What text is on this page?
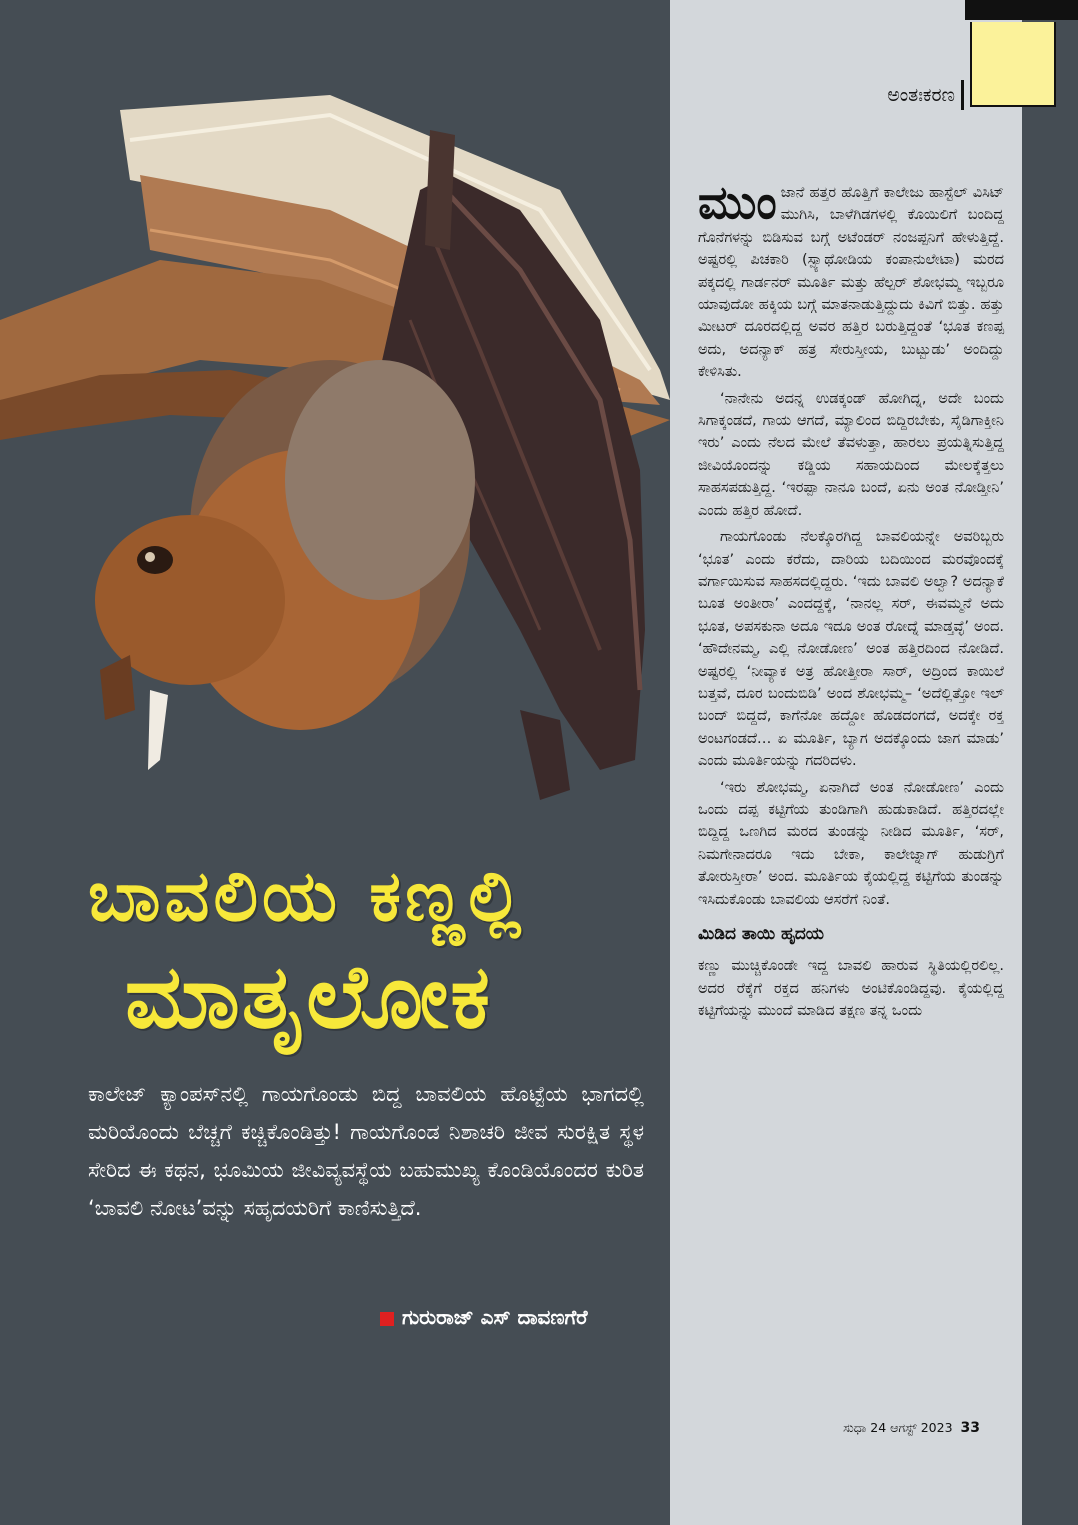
ಅಂತಃಕರಣ
ಬಾವಲಿಯ ಕಣ್ಣಲ್ಲಿ
ಮಾತೃಲೋಕ
ಕಾಲೇಜ್ ಕ್ಯಾಂಪಸ್‌ನಲ್ಲಿ ಗಾಯಗೊಂಡು ಬಿದ್ದ ಬಾವಲಿಯ ಹೊಟ್ಟೆಯ ಭಾಗದಲ್ಲಿ ಮರಿಯೊಂದು ಬೆಚ್ಚಗೆ ಕಚ್ಚಿಕೊಂಡಿತ್ತು! ಗಾಯಗೊಂಡ ನಿಶಾಚರಿ ಜೀವ ಸುರಕ್ಷಿತ ಸ್ಥಳ ಸೇರಿದ ಈ ಕಥನ, ಭೂಮಿಯ ಜೀವಿವ್ಯವಸ್ಥೆಯ ಬಹುಮುಖ್ಯ ಕೊಂಡಿಯೊಂದರ ಕುರಿತ ‘ಬಾವಲಿ ನೋಟ’ವನ್ನು ಸಹೃದಯರಿಗೆ ಕಾಣಿಸುತ್ತಿದೆ.
ಗುರುರಾಜ್ ಎಸ್ ದಾವಣಗೆರೆ

ಮುಂಜಾನೆ ಹತ್ತರ ಹೊತ್ತಿಗೆ ಕಾಲೇಜು ಹಾಸ್ಟೆಲ್ ವಿಸಿಟ್ ಮುಗಿಸಿ, ಬಾಳೆಗಿಡಗಳಲ್ಲಿ ಕೊಯಿಲಿಗೆ ಬಂದಿದ್ದ ಗೊನೆಗಳನ್ನು ಬಿಡಿಸುವ ಬಗ್ಗೆ ಅಟೆಂಡರ್ ನಂಜಪ್ಪನಿಗೆ ಹೇಳುತ್ತಿದ್ದೆ. ಅಷ್ಟರಲ್ಲಿ ಪಿಚಕಾರಿ (ಸ್ಪ್ಯಾಥೋಡಿಯ ಕಂಪಾನುಲೇಟಾ) ಮರದ ಪಕ್ಕದಲ್ಲಿ ಗಾರ್ಡನರ್ ಮೂರ್ತಿ ಮತ್ತು ಹೆಲ್ಪರ್ ಶೋಭಮ್ಮ ಇಬ್ಬರೂ ಯಾವುದೋ ಹಕ್ಕಿಯ ಬಗ್ಗೆ ಮಾತನಾಡುತ್ತಿದ್ದುದು ಕಿವಿಗೆ ಬಿತ್ತು. ಹತ್ತು ಮೀಟರ್ ದೂರದಲ್ಲಿದ್ದ ಅವರ ಹತ್ತಿರ ಬರುತ್ತಿದ್ದಂತೆ ‘ಭೂತ ಕಣಪ್ಪ ಅದು, ಅದನ್ಯಾಕ್ ಹತ್ರ ಸೇರುಸ್ತೀಯ, ಬುಟ್ಬುಡು’ ಅಂದಿದ್ದು ಕೇಳಿಸಿತು.

‘ನಾನೇನು ಅದನ್ನ ಉಡಕ್ಕಂಡ್ ಹೋಗಿದ್ನ, ಅದೇ ಬಂದು ಸಿಗಾಕ್ಕಂಡದೆ, ಗಾಯ ಆಗದೆ, ಮ್ಯಾಲಿಂದ ಬಿದ್ದಿರಬೇಕು, ಸೈಡಿಗಾಕ್ತೀನಿ ಇರು’ ಎಂದು ನೆಲದ ಮೇಲೆ ತೆವಳುತ್ತಾ, ಹಾರಲು ಪ್ರಯತ್ನಿಸುತ್ತಿದ್ದ ಜೀವಿಯೊಂದನ್ನು ಕಡ್ಡಿಯ ಸಹಾಯದಿಂದ ಮೇಲಕ್ಕೆತ್ತಲು ಸಾಹಸಪಡುತ್ತಿದ್ದ. ‘ಇರಪ್ಪಾ ನಾನೂ ಬಂದೆ, ಏನು ಅಂತ ನೋಡ್ತೀನಿ’ ಎಂದು ಹತ್ತಿರ ಹೋದೆ.

ಗಾಯಗೊಂಡು ನೆಲಕ್ಕೊರಗಿದ್ದ ಬಾವಲಿಯನ್ನೇ ಅವರಿಬ್ಬರು ‘ಭೂತ’ ಎಂದು ಕರೆದು, ದಾರಿಯ ಬದಿಯಿಂದ ಮರವೊಂದಕ್ಕೆ ವರ್ಗಾಯಿಸುವ ಸಾಹಸದಲ್ಲಿದ್ದರು. ‘ಇದು ಬಾವಲಿ ಅಲ್ವಾ? ಅದನ್ಯಾಕೆ ಬೂತ ಅಂತೀರಾ’ ಎಂದದ್ದಕ್ಕೆ, ‘ನಾನಲ್ಲ ಸರ್, ಈವಮ್ಮನೆ ಅದು ಭೂತ, ಅಪಸಕುನಾ ಅದೂ ಇದೂ ಅಂತ ರೋದ್ನೆ ಮಾಡ್ತವ್ಳೆ’ ಅಂದ. ‘ಹೌದೇನಮ್ಮ, ಎಲ್ಲಿ ನೋಡೋಣ’ ಅಂತ ಹತ್ತಿರದಿಂದ ನೋಡಿದೆ. ಅಷ್ಟರಲ್ಲಿ ‘ನೀವ್ಯಾಕ ಅತ್ರ ಹೋತ್ತೀರಾ ಸಾರ್, ಅದ್ರಿಂದ ಕಾಯಿಲೆ ಬತ್ತವೆ, ದೂರ ಬಂದುಬಿಡಿ’ ಅಂದ ಶೋಭಮ್ಮ– ‘ಅದೆಲ್ಲಿತ್ತೋ ಇಲ್ ಬಂದ್ ಬಿದ್ದದೆ, ಕಾಗೆನೋ ಹದ್ದೋ ಹೊಡದಂಗದೆ, ಅದಕ್ಕೇ ರಕ್ತ ಅಂಟಗಂಡದೆ… ಏ ಮೂರ್ತಿ, ಬ್ಯಾಗ ಅದಕ್ಕೊಂದು ಜಾಗ ಮಾಡು’ ಎಂದು ಮೂರ್ತಿಯನ್ನು ಗದರಿದಳು.

‘ಇರು ಶೋಭಮ್ಮ, ಏನಾಗಿದೆ ಅಂತ ನೋಡೋಣ’ ಎಂದು ಒಂದು ದಪ್ಪ ಕಟ್ಟಿಗೆಯ ತುಂಡಿಗಾಗಿ ಹುಡುಕಾಡಿದೆ. ಹತ್ತಿರದಲ್ಲೇ ಬಿದ್ದಿದ್ದ ಒಣಗಿದ ಮರದ ತುಂಡನ್ನು ನೀಡಿದ ಮೂರ್ತಿ, ‘ಸರ್, ನಿಮಗೇನಾದರೂ ಇದು ಬೇಕಾ, ಕಾಲೇಜ್ನಾಗ್ ಹುಡುಗ್ರಿಗೆ ತೋರುಸ್ತೀರಾ’ ಅಂದ. ಮೂರ್ತಿಯ ಕೈಯಲ್ಲಿದ್ದ ಕಟ್ಟಿಗೆಯ ತುಂಡನ್ನು ಇಸಿದುಕೊಂಡು ಬಾವಲಿಯ ಆಸರೆಗೆ ನಿಂತೆ.

ಮಿಡಿದ ತಾಯಿ ಹೃದಯ

ಕಣ್ಣು ಮುಚ್ಚಿಕೊಂಡೇ ಇದ್ದ ಬಾವಲಿ ಹಾರುವ ಸ್ಥಿತಿಯಲ್ಲಿರಲಿಲ್ಲ. ಅದರ ರೆಕ್ಕೆಗೆ ರಕ್ತದ ಹನಿಗಳು ಅಂಟಿಕೊಂಡಿದ್ದವು. ಕೈಯಲ್ಲಿದ್ದ ಕಟ್ಟಿಗೆಯನ್ನು ಮುಂದೆ ಮಾಡಿದ ತಕ್ಷಣ ತನ್ನ ಒಂದು

ಸುಧಾ 24 ಆಗಸ್ಟ್ 2023 33
